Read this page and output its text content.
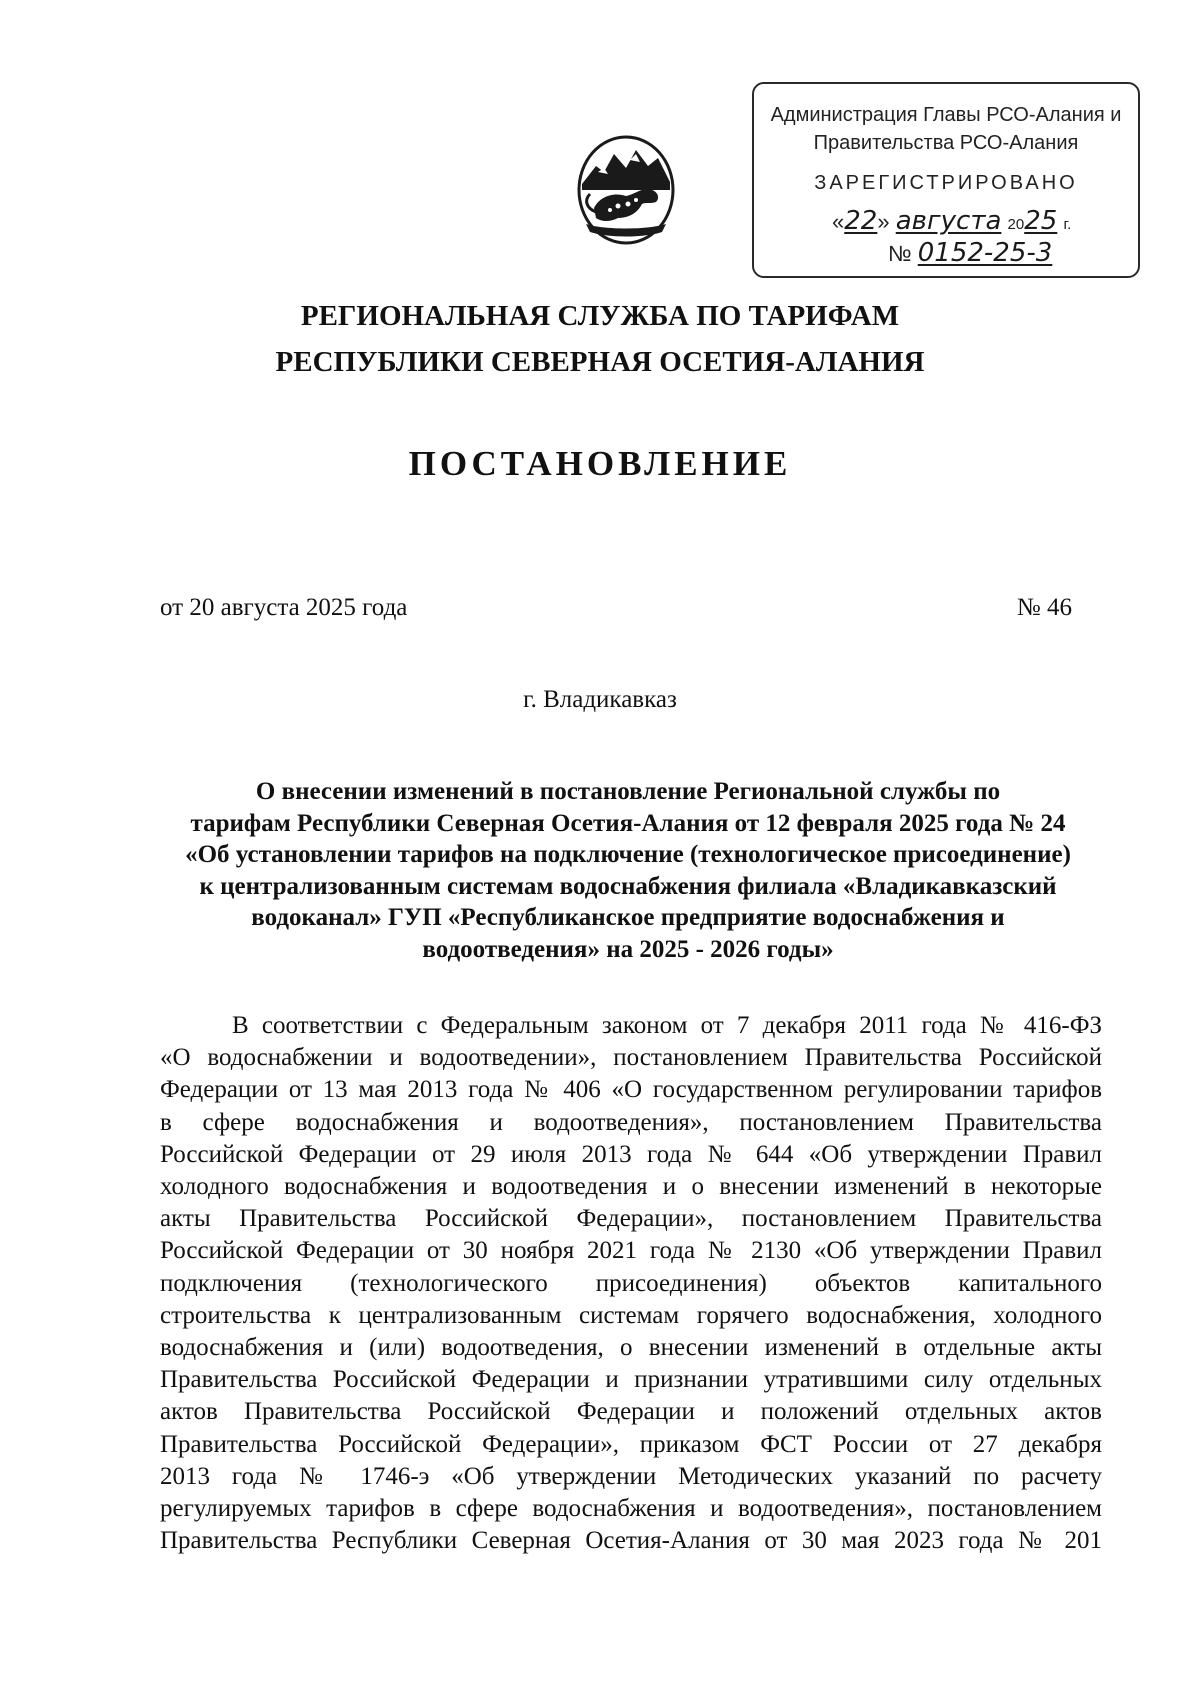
Администрация Главы РСО-Алания и
Правительства РСО-Алания
ЗАРЕГИСТРИРОВАНО
«22» августа 2025 г.
№ 0152-25-3
РЕГИОНАЛЬНАЯ СЛУЖБА ПО ТАРИФАМ
РЕСПУБЛИКИ СЕВЕРНАЯ ОСЕТИЯ-АЛАНИЯ
ПОСТАНОВЛЕНИЕ
от 20 августа 2025 года	№ 46
г. Владикавказ
О внесении изменений в постановление Региональной службы по
тарифам Республики Северная Осетия-Алания от 12 февраля 2025 года № 24
«Об установлении тарифов на подключение (технологическое присоединение)
к централизованным системам водоснабжения филиала «Владикавказский
водоканал» ГУП «Республиканское предприятие водоснабжения и
водоотведения» на 2025 - 2026 годы»
В соответствии с Федеральным законом от 7 декабря 2011 года № 416-ФЗ
«О водоснабжении и водоотведении», постановлением Правительства Российской
Федерации от 13 мая 2013 года № 406 «О государственном регулировании тарифов
в сфере водоснабжения и водоотведения», постановлением Правительства
Российской Федерации от 29 июля 2013 года № 644 «Об утверждении Правил
холодного водоснабжения и водоотведения и о внесении изменений в некоторые
акты Правительства Российской Федерации», постановлением Правительства
Российской Федерации от 30 ноября 2021 года № 2130 «Об утверждении Правил
подключения (технологического присоединения) объектов капитального
строительства к централизованным системам горячего водоснабжения, холодного
водоснабжения и (или) водоотведения, о внесении изменений в отдельные акты
Правительства Российской Федерации и признании утратившими силу отдельных
актов Правительства Российской Федерации и положений отдельных актов
Правительства Российской Федерации», приказом ФСТ России от 27 декабря
2013 года № 1746-э «Об утверждении Методических указаний по расчету
регулируемых тарифов в сфере водоснабжения и водоотведения», постановлением
Правительства Республики Северная Осетия-Алания от 30 мая 2023 года № 201
